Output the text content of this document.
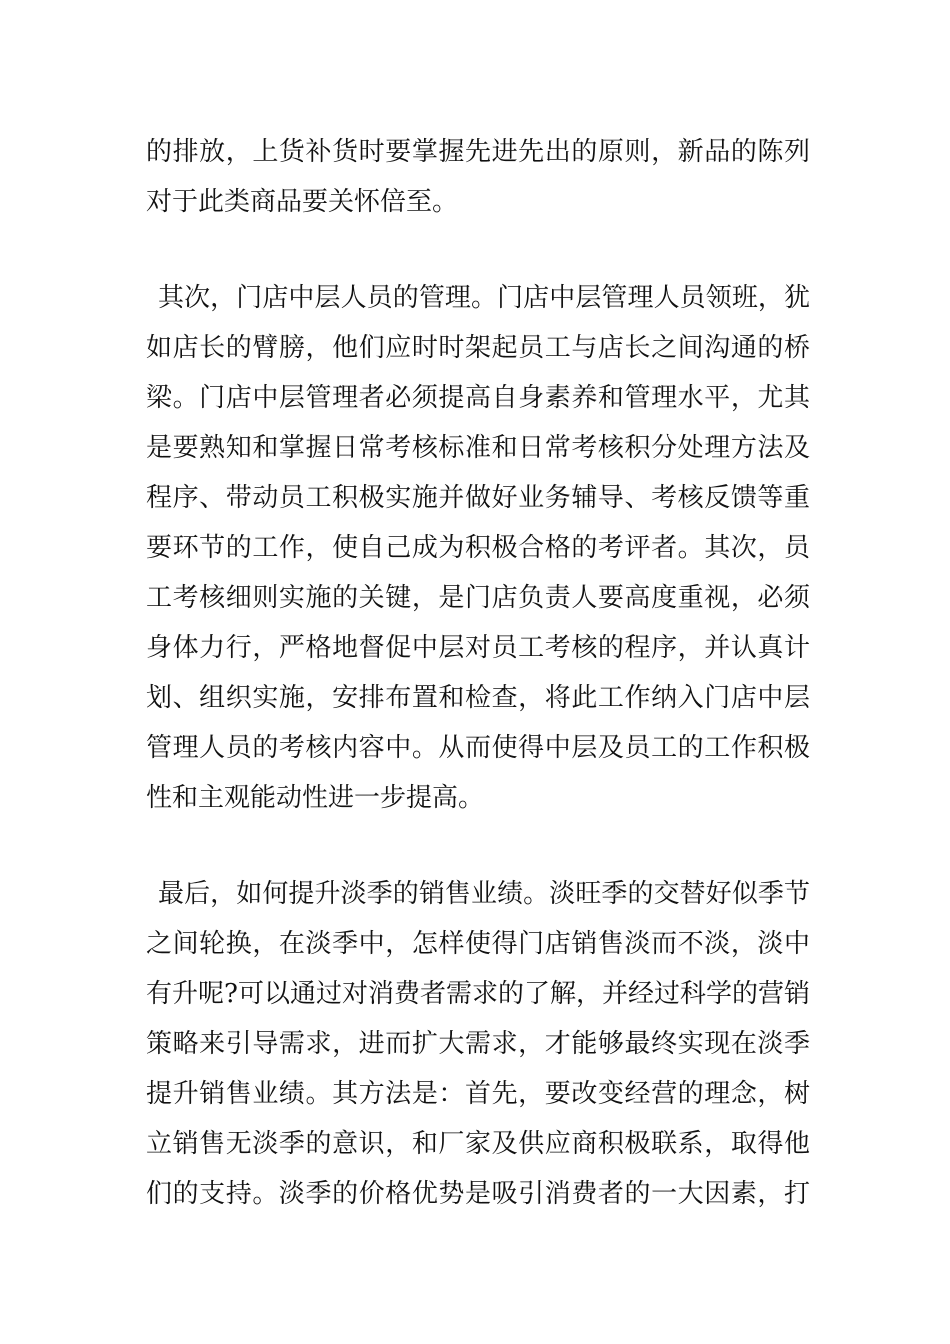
的排放，上货补货时要掌握先进先出的原则，新品的陈列
对于此类商品要关怀倍至。
其次，门店中层人员的管理。门店中层管理人员领班，犹
如店长的臂膀，他们应时时架起员工与店长之间沟通的桥
梁。门店中层管理者必须提高自身素养和管理水平，尤其
是要熟知和掌握日常考核标准和日常考核积分处理方法及
程序、带动员工积极实施并做好业务辅导、考核反馈等重
要环节的工作，使自己成为积极合格的考评者。其次，员
工考核细则实施的关键，是门店负责人要高度重视，必须
身体力行，严格地督促中层对员工考核的程序，并认真计
划、组织实施，安排布置和检查，将此工作纳入门店中层
管理人员的考核内容中。从而使得中层及员工的工作积极
性和主观能动性进一步提高。
最后，如何提升淡季的销售业绩。淡旺季的交替好似季节
之间轮换，在淡季中，怎样使得门店销售淡而不淡，淡中
有升呢?可以通过对消费者需求的了解，并经过科学的营销
策略来引导需求，进而扩大需求，才能够最终实现在淡季
提升销售业绩。其方法是：首先，要改变经营的理念，树
立销售无淡季的意识，和厂家及供应商积极联系，取得他
们的支持。淡季的价格优势是吸引消费者的一大因素，打
